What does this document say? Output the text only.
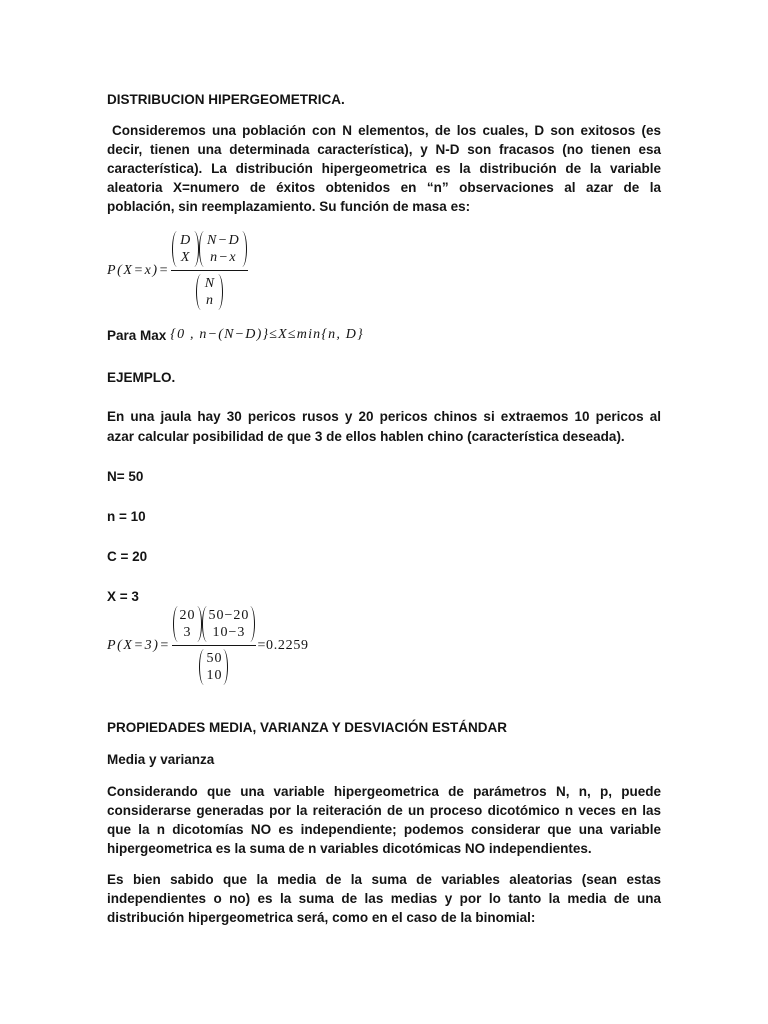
DISTRIBUCION HIPERGEOMETRICA.
Consideremos una población con N elementos, de los cuales, D son exitosos (es
decir, tienen una determinada característica), y N-D son fracasos (no tienen esa
característica). La distribución hipergeometrica es la distribución de la variable
aleatoria X=numero de éxitos obtenidos en “n” observaciones al azar de la
población, sin reemplazamiento. Su función de masa es:
P(X=x)=
D
X
N−D
n−x
N
n
Para Max {0 , n−(N−D)}≤X≤min{n, D}
EJEMPLO.
En una jaula hay 30 pericos rusos y 20 pericos chinos si extraemos 10 pericos al
azar calcular posibilidad de que 3 de ellos hablen chino (característica deseada).
N= 50
n = 10
C = 20
X = 3
P(X=3)=
20
3
50−20
10−3
50
10
=0.2259
PROPIEDADES MEDIA, VARIANZA Y DESVIACIÓN ESTÁNDAR
Media y varianza
Considerando que una variable hipergeometrica de parámetros N, n, p, puede
considerarse generadas por la reiteración de un proceso dicotómico n veces en las
que la n dicotomías NO es independiente; podemos considerar que una variable
hipergeometrica es la suma de n variables dicotómicas NO independientes.
Es bien sabido que la media de la suma de variables aleatorias (sean estas
independientes o no) es la suma de las medias y por lo tanto la media de una
distribución hipergeometrica será, como en el caso de la binomial:
